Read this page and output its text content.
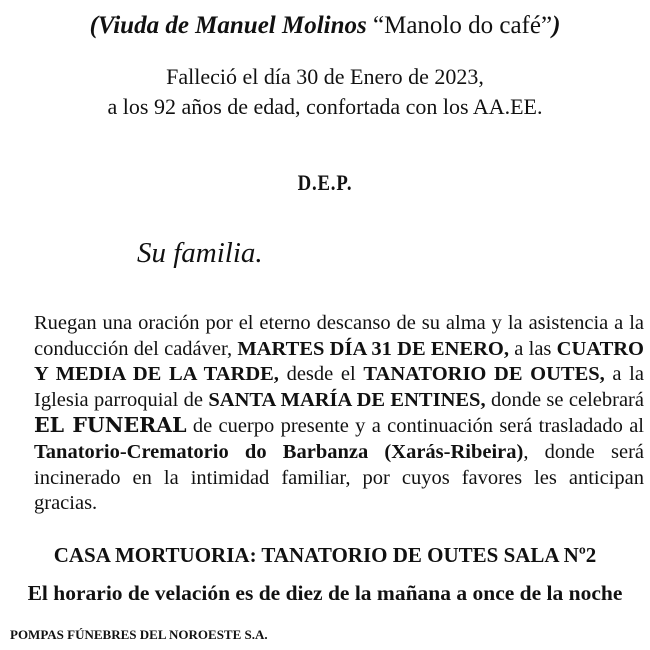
(Viuda de Manuel Molinos “Manolo do café”)
Falleció el día 30 de Enero de 2023,
a los 92 años de edad, confortada con los AA.EE.
D.E.P.
Su familia.
Ruegan una oración por el eterno descanso de su alma y la asistencia a la conducción del cadáver, MARTES DÍA 31 DE ENERO, a las CUATRO Y MEDIA DE LA TARDE, desde el TANATORIO DE OUTES, a la Iglesia parroquial de SANTA MARÍA DE ENTINES, donde se celebrará EL FUNERAL de cuerpo presente y a continuación será trasladado al Tanatorio-Crematorio do Barbanza (Xarás-Ribeira), donde será incinerado en la intimidad familiar, por cuyos favores les anticipan gracias.
CASA MORTUORIA: TANATORIO DE OUTES SALA Nº2
El horario de velación es de diez de la mañana a once de la noche
POMPAS FÚNEBRES DEL NOROESTE S.A.
